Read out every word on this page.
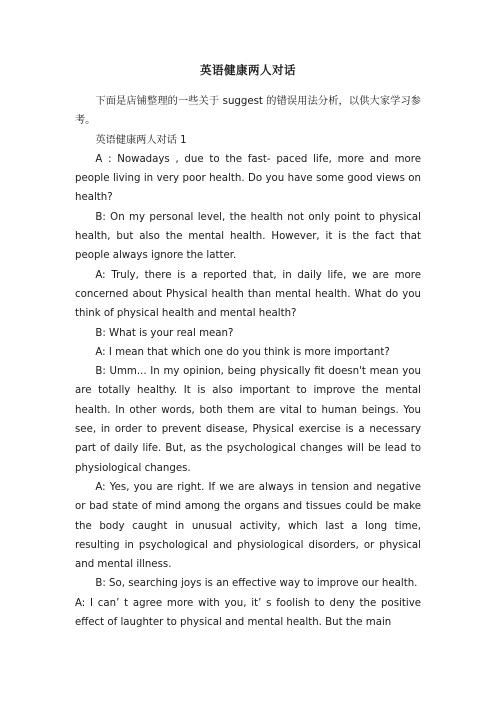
英语健康两人对话

下面是店铺整理的一些关于 suggest 的错误用法分析，以供大家学习参考。

英语健康两人对话 1

A : Nowadays , due to the fast- paced life, more and more people living in very poor health. Do you have some good views on health?

B: On my personal level, the health not only point to physical health, but also the mental health. However, it is the fact that people always ignore the latter.

A: Truly, there is a reported that, in daily life, we are more concerned about Physical health than mental health. What do you think of physical health and mental health?

B: What is your real mean?

A: I mean that which one do you think is more important?

B: Umm... In my opinion, being physically fit doesn't mean you are totally healthy. It is also important to improve the mental health. In other words, both them are vital to human beings. You see, in order to prevent disease, Physical exercise is a necessary part of daily life. But, as the psychological changes will be lead to physiological changes.

A: Yes, you are right. If we are always in tension and negative or bad state of mind among the organs and tissues could be make the body caught in unusual activity, which last a long time, resulting in psychological and physiological disorders, or physical and mental illness.

B: So, searching joys is an effective way to improve our health.

A: I can’ t agree more with you, it’ s foolish to deny the positive effect of laughter to physical and mental health. But the main
